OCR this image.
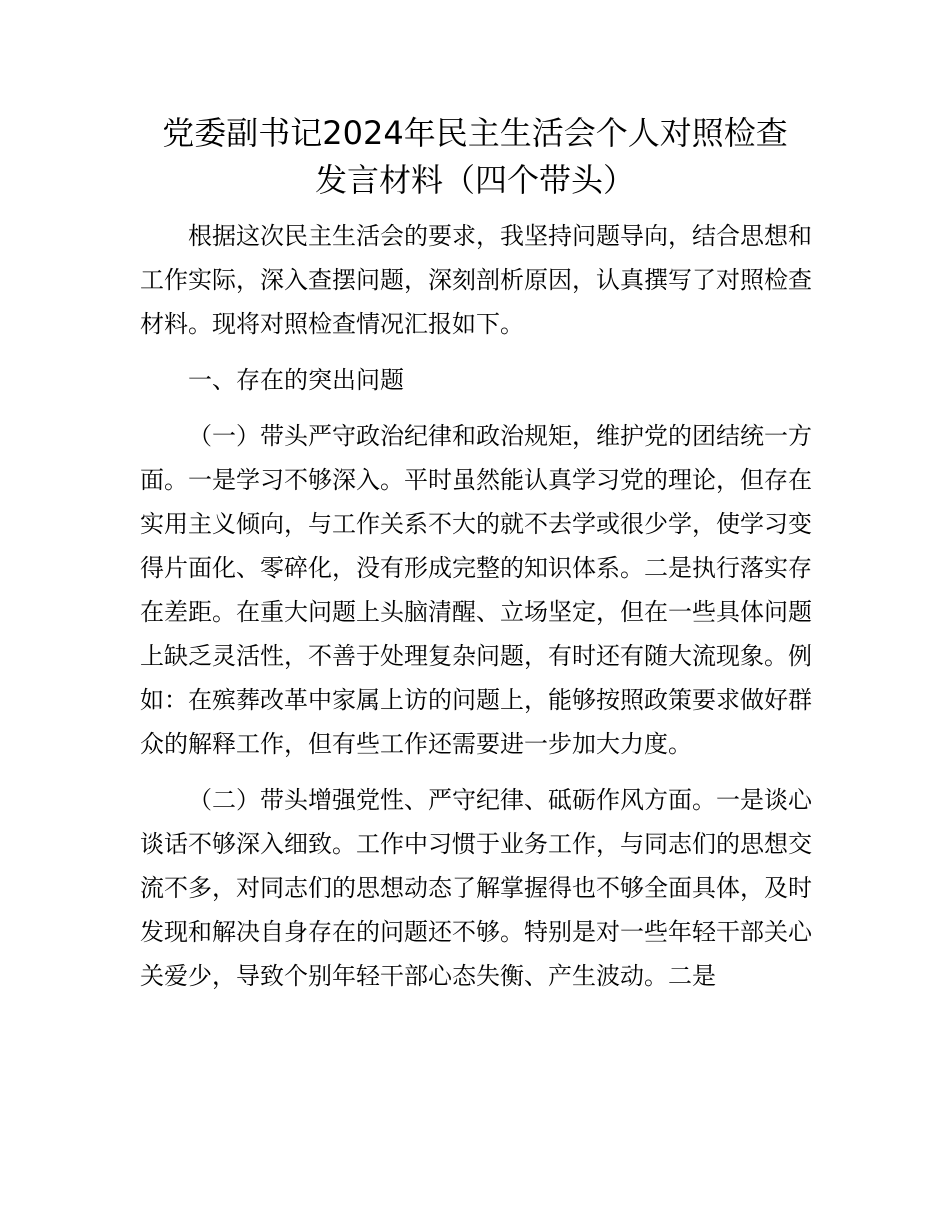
党委副书记2024年民主生活会个人对照检查
发言材料（四个带头）

根据这次民主生活会的要求，我坚持问题导向，结合思想和工作实际，深入查摆问题，深刻剖析原因，认真撰写了对照检查材料。现将对照检查情况汇报如下。

一、存在的突出问题

（一）带头严守政治纪律和政治规矩，维护党的团结统一方面。一是学习不够深入。平时虽然能认真学习党的理论，但存在实用主义倾向，与工作关系不大的就不去学或很少学，使学习变得片面化、零碎化，没有形成完整的知识体系。二是执行落实存在差距。在重大问题上头脑清醒、立场坚定，但在一些具体问题上缺乏灵活性，不善于处理复杂问题，有时还有随大流现象。例如：在殡葬改革中家属上访的问题上，能够按照政策要求做好群众的解释工作，但有些工作还需要进一步加大力度。

（二）带头增强党性、严守纪律、砥砺作风方面。一是谈心谈话不够深入细致。工作中习惯于业务工作，与同志们的思想交流不多，对同志们的思想动态了解掌握得也不够全面具体，及时发现和解决自身存在的问题还不够。特别是对一些年轻干部关心关爱少，导致个别年轻干部心态失衡、产生波动。二是
